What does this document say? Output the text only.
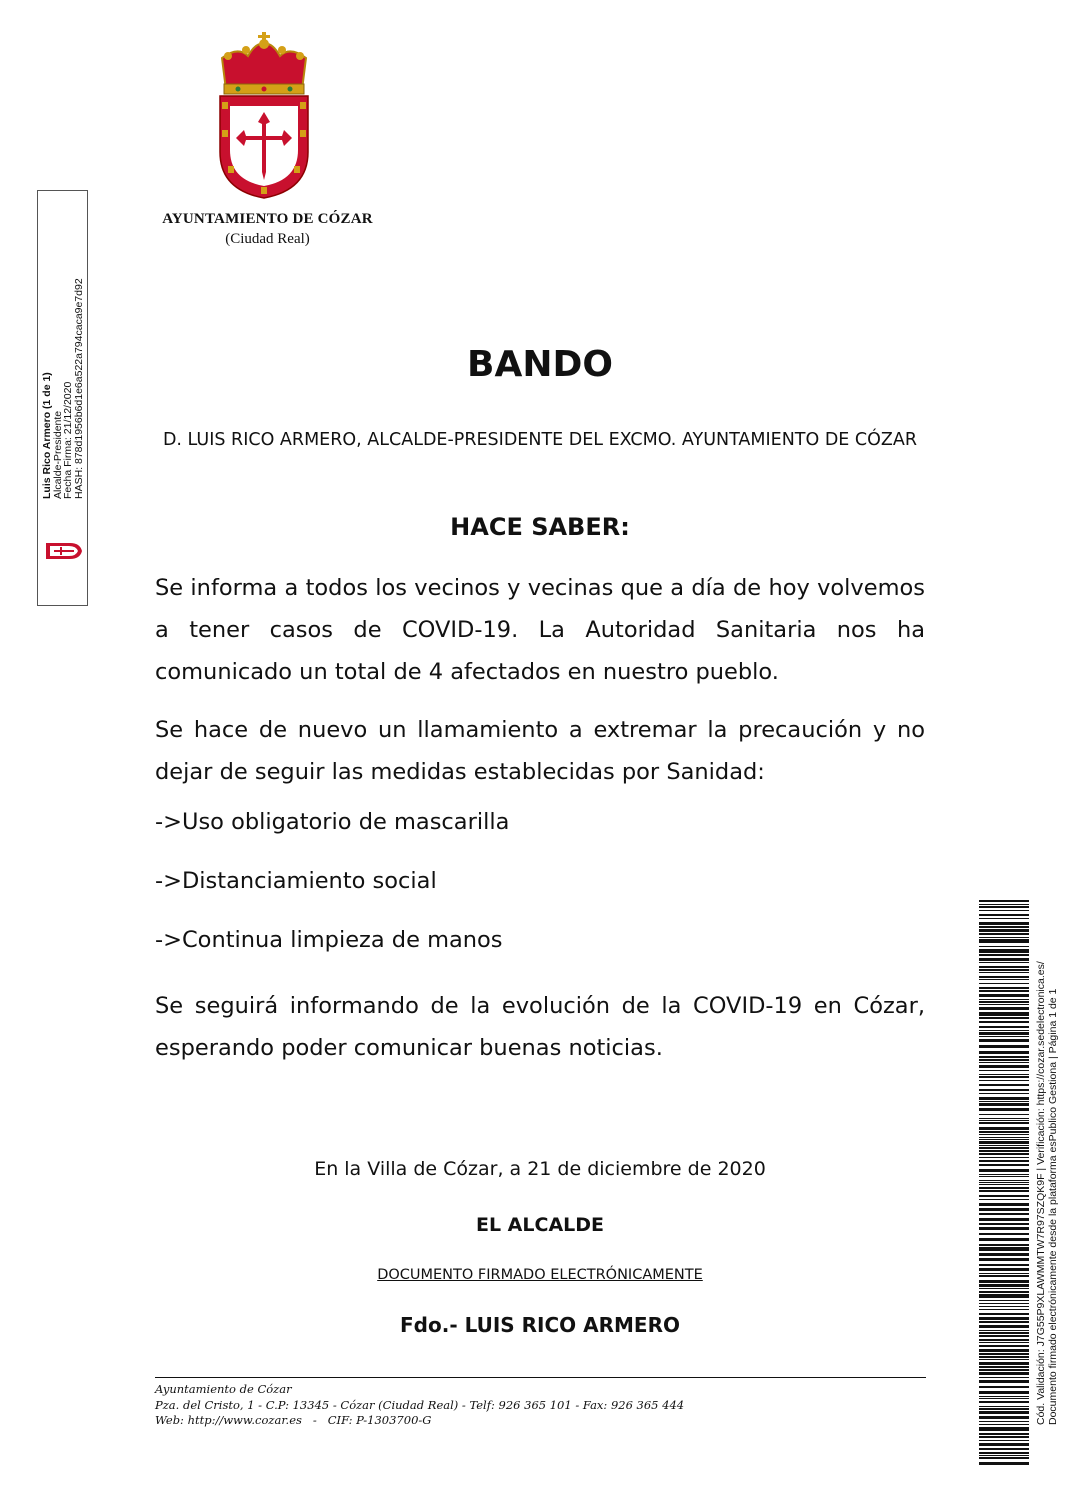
AYUNTAMIENTO DE CÓZAR
(Ciudad Real)
Luis Rico Armero (1 de 1)
Alcalde-Presidente
Fecha Firma: 21/12/2020
HASH: 878d1956b6d1e6a522a794caca9e7d92	BANDO
D. LUIS RICO ARMERO, ALCALDE-PRESIDENTE DEL EXCMO. AYUNTAMIENTO DE CÓZAR
HACE SABER:
Se informa a todos los vecinos y vecinas que a día de hoy volvemos a tener casos de COVID-19. La Autoridad Sanitaria nos ha comunicado un total de 4 afectados en nuestro pueblo.
Se hace de nuevo un llamamiento a extremar la precaución y no dejar de seguir las medidas establecidas por Sanidad:
->Uso obligatorio de mascarilla
->Distanciamiento social
->Continua limpieza de manos
Se seguirá informando de la evolución de la COVID-19 en Cózar, esperando poder comunicar buenas noticias.
En la Villa de Cózar, a 21 de diciembre de 2020
EL ALCALDE
DOCUMENTO FIRMADO ELECTRÓNICAMENTE
Fdo.- LUIS RICO ARMERO
Ayuntamiento de Cózar
Pza. del Cristo, 1 - C.P: 13345 - Cózar (Ciudad Real) - Telf: 926 365 101 - Fax: 926 365 444
Web: http://www.cozar.es   -   CIF: P-1303700-G	Cód. Validación: J7G55P9XLAWMMTW7R97SZQK9F | Verificación: https://cozar.sedelectronica.es/ Documento firmado electrónicamente desde la plataforma esPublico Gestiona | Página 1 de 1
